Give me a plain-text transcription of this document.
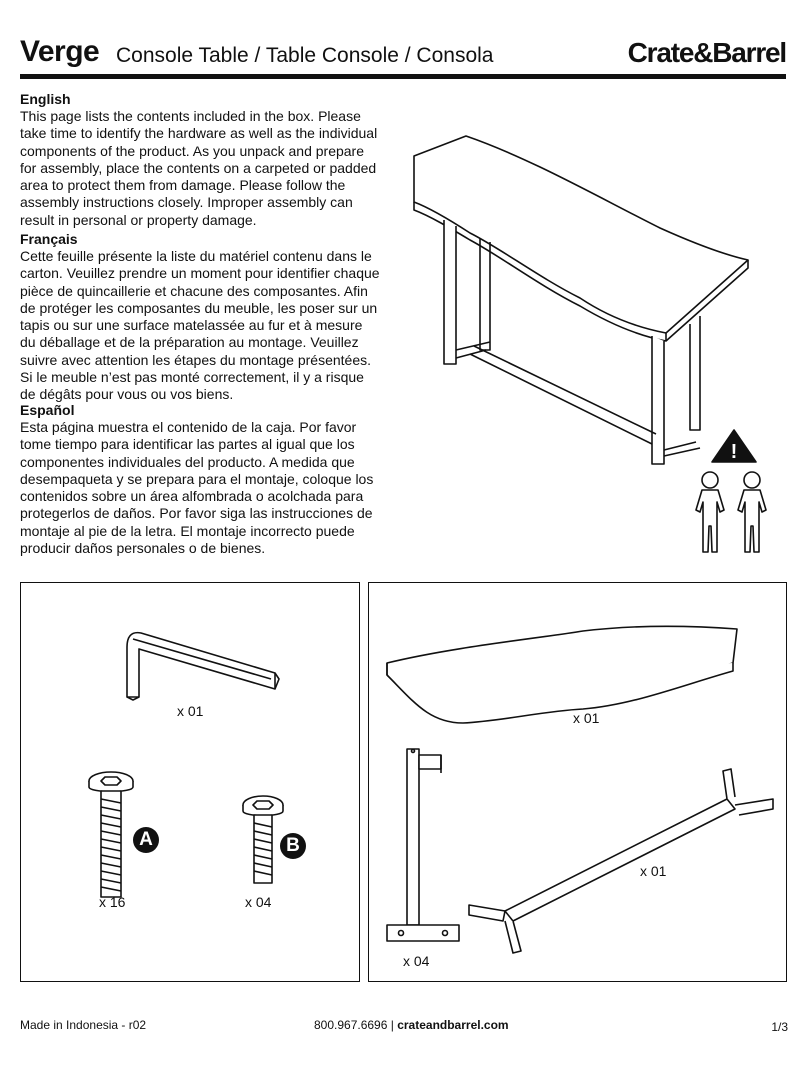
Verge Console Table / Table Console / Consola	Crate&Barrel
English

This page lists the contents included in the box. Please take time to identify the hardware as well as the individual components of the product. As you unpack and prepare for assembly, place the contents on a carpeted or padded area to protect them from damage. Please follow the assembly instructions closely. Improper assembly can result in personal or property damage.

Français

Cette feuille présente la liste du matériel contenu dans le carton. Veuillez prendre un moment pour identifier chaque pièce de quincaillerie et chacune des composantes. Afin de protéger les composantes du meuble, les poser sur un tapis ou sur une surface matelassée au fur et à mesure du déballage et de la préparation au montage. Veuillez suivre avec attention les étapes du montage présentées. Si le meuble n’est pas monté correctement, il y a risque de dégâts pour vous ou vos biens.

Español

Esta página muestra el contenido de la caja. Por favor tome tiempo para identificar las partes al igual que los componentes individuales del producto. A medida que desempaqueta y se prepara para el montaje, coloque los contenidos sobre un área alfombrada o acolchada para protegerlos de daños. Por favor siga las instrucciones de montaje al pie de la letra. El montaje incorrecto puede producir daños personales o de bienes.

!
x 01
A
x 16
B
x 04
x 01
x 04
x 01
Made in Indonesia - r02	800.967.6696 | crateandbarrel.com	1/3
